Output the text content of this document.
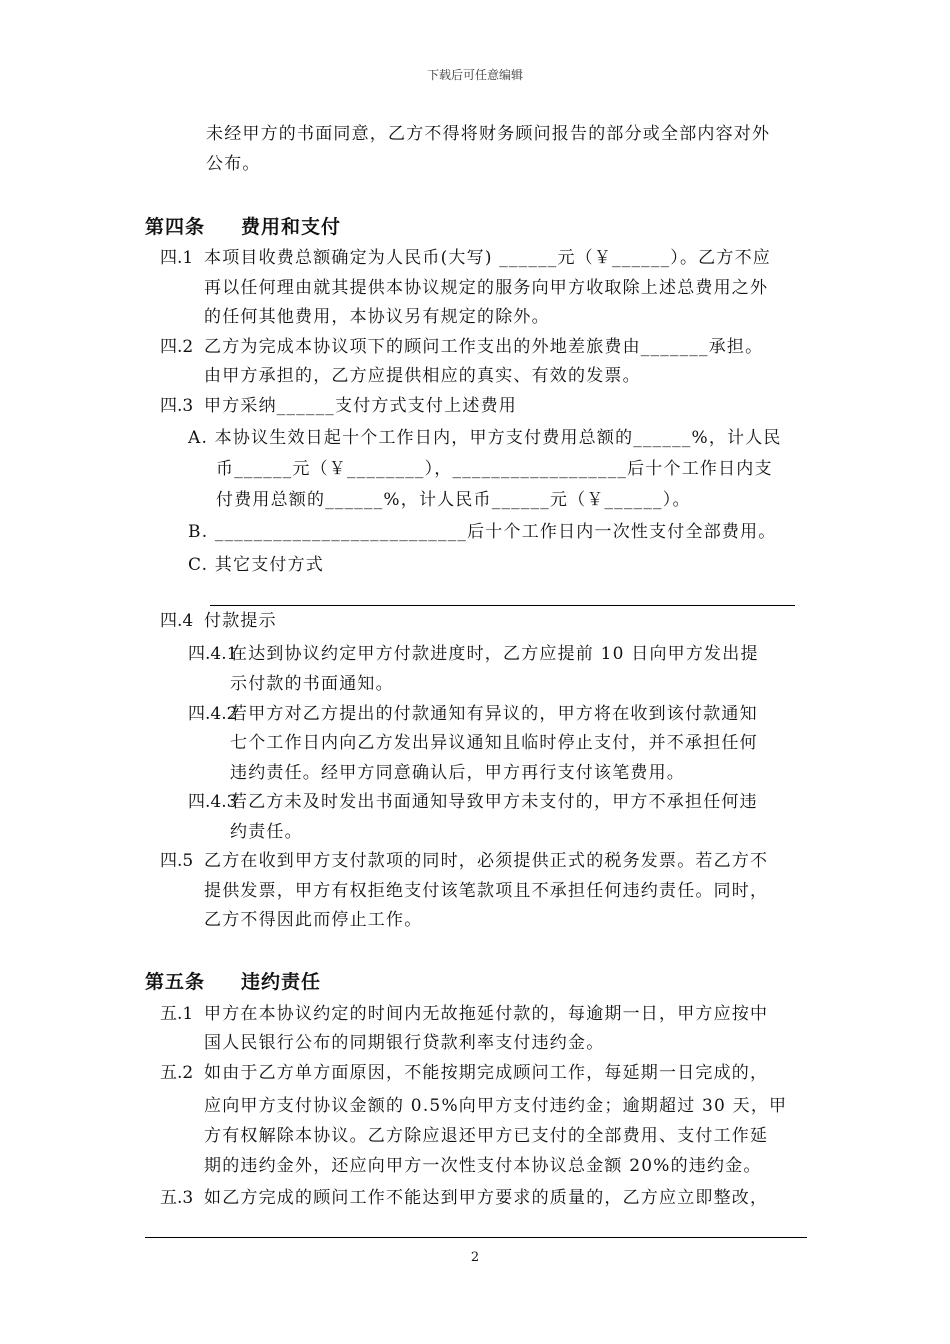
下载后可任意编辑
未经甲方的书面同意，乙方不得将财务顾问报告的部分或全部内容对外
公布。
第四条 费用和支付
四.1 本项目收费总额确定为人民币(大写) ______元（￥______）。乙方不应
再以任何理由就其提供本协议规定的服务向甲方收取除上述总费用之外
的任何其他费用，本协议另有规定的除外。
四.2 乙方为完成本协议项下的顾问工作支出的外地差旅费由_______承担。
由甲方承担的，乙方应提供相应的真实、有效的发票。
四.3 甲方采纳______支付方式支付上述费用
A. 本协议生效日起十个工作日内，甲方支付费用总额的______%，计人民
币______元（￥________），__________________后十个工作日内支
付费用总额的______%，计人民币______元（￥______）。
B. __________________________后十个工作日内一次性支付全部费用。
C. 其它支付方式
四.4 付款提示
四.4.1在达到协议约定甲方付款进度时，乙方应提前 10 日向甲方发出提
示付款的书面通知。
四.4.2若甲方对乙方提出的付款通知有异议的，甲方将在收到该付款通知
七个工作日内向乙方发出异议通知且临时停止支付，并不承担任何
违约责任。经甲方同意确认后，甲方再行支付该笔费用。
四.4.3若乙方未及时发出书面通知导致甲方未支付的，甲方不承担任何违
约责任。
四.5 乙方在收到甲方支付款项的同时，必须提供正式的税务发票。若乙方不
提供发票，甲方有权拒绝支付该笔款项且不承担任何违约责任。同时，
乙方不得因此而停止工作。
第五条 违约责任
五.1 甲方在本协议约定的时间内无故拖延付款的，每逾期一日，甲方应按中
国人民银行公布的同期银行贷款利率支付违约金。
五.2 如由于乙方单方面原因，不能按期完成顾问工作，每延期一日完成的，
应向甲方支付协议金额的 0.5%向甲方支付违约金；逾期超过 30 天，甲
方有权解除本协议。乙方除应退还甲方已支付的全部费用、支付工作延
期的违约金外，还应向甲方一次性支付本协议总金额 20%的违约金。
五.3 如乙方完成的顾问工作不能达到甲方要求的质量的，乙方应立即整改，
2
